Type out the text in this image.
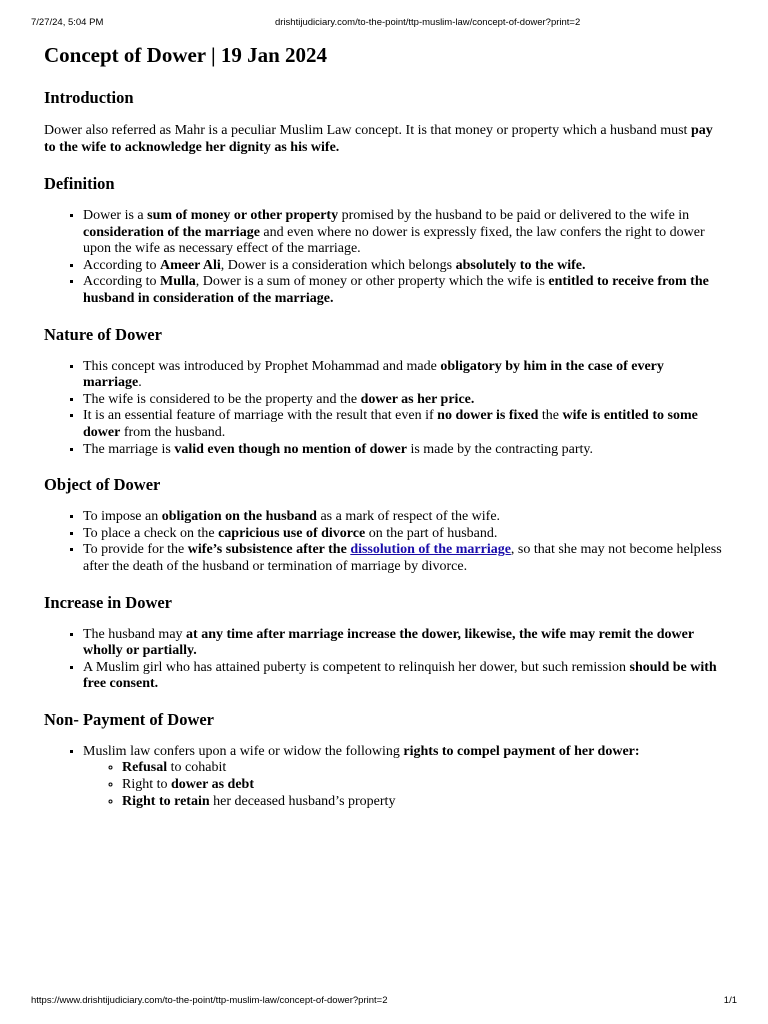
7/27/24, 5:04 PM	drishtijudiciary.com/to-the-point/ttp-muslim-law/concept-of-dower?print=2
Concept of Dower | 19 Jan 2024
Introduction

Dower also referred as Mahr is a peculiar Muslim Law concept. It is that money or property which a husband must pay to the wife to acknowledge her dignity as his wife.

Definition
▪ Dower is a sum of money or other property promised by the husband to be paid or delivered to the wife in consideration of the marriage and even where no dower is expressly fixed, the law confers the right to dower upon the wife as necessary effect of the marriage.
▪ According to Ameer Ali, Dower is a consideration which belongs absolutely to the wife.
▪ According to Mulla, Dower is a sum of money or other property which the wife is entitled to receive from the husband in consideration of the marriage.
Nature of Dower
▪ This concept was introduced by Prophet Mohammad and made obligatory by him in the case of every marriage.
▪ The wife is considered to be the property and the dower as her price.
▪ It is an essential feature of marriage with the result that even if no dower is fixed the wife is entitled to some dower from the husband.
▪ The marriage is valid even though no mention of dower is made by the contracting party.
Object of Dower
▪ To impose an obligation on the husband as a mark of respect of the wife.
▪ To place a check on the capricious use of divorce on the part of husband.
▪ To provide for the wife’s subsistence after the dissolution of the marriage, so that she may not become helpless after the death of the husband or termination of marriage by divorce.
Increase in Dower
▪ The husband may at any time after marriage increase the dower, likewise, the wife may remit the dower wholly or partially.
▪ A Muslim girl who has attained puberty is competent to relinquish her dower, but such remission should be with free consent.
Non- Payment of Dower
▪ Muslim law confers upon a wife or widow the following rights to compel payment of her dower:
◦ Refusal to cohabit
◦ Right to dower as debt
◦ Right to retain her deceased husband’s property
https://www.drishtijudiciary.com/to-the-point/ttp-muslim-law/concept-of-dower?print=2	1/1
